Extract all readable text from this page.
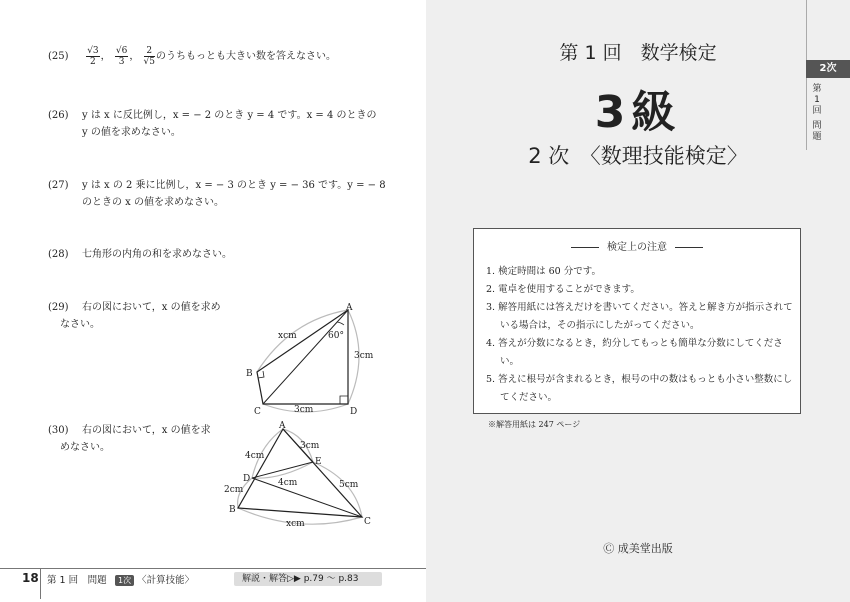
$(25) \frac{√3}{2}$ ， $\frac{√6}{3}$ ， $\frac{2}{√5}$ のうちもっとも大きい数を答えなさい。
(26) y は x に反比例し，x = − 2 のとき y = 4 です。x = 4 のときの
y の値を求めなさい。
(27) y は x の 2 乗に比例し，x = − 3 のとき y = − 36 です。y = − 8
のときの x の値を求めなさい。
(28) 七角形の内角の和を求めなさい。
(29) 右の図において，x の値を求め
なさい。
(30) 右の図において，x の値を求
めなさい。
A
B
C	D
xcm	60°
3cm
3cm
A
B
C
D
E
3cm
4cm
4cm
2cm	5cm
xcm
18 第 1 回　問題	1次 〈計算技能〉	解説・解答▷▶ p.79 ～ p.83
2次
第
1
回
問
題
第 1 回　数学検定
3級
2 次　〈数理技能検定〉
検定上の注意
1. 検定時間は 60 分です。
2. 電卓を使用することができます。
3. 解答用紙には答えだけを書いてください。答えと解き方が指示されている場合は，その指示にしたがってください。
4. 答えが分数になるとき，約分してもっとも簡単な分数にしてください。
5. 答えに根号が含まれるとき，根号の中の数はもっとも小さい整数にしてください。
※解答用紙は 247 ページ
Ⓒ 成美堂出版
